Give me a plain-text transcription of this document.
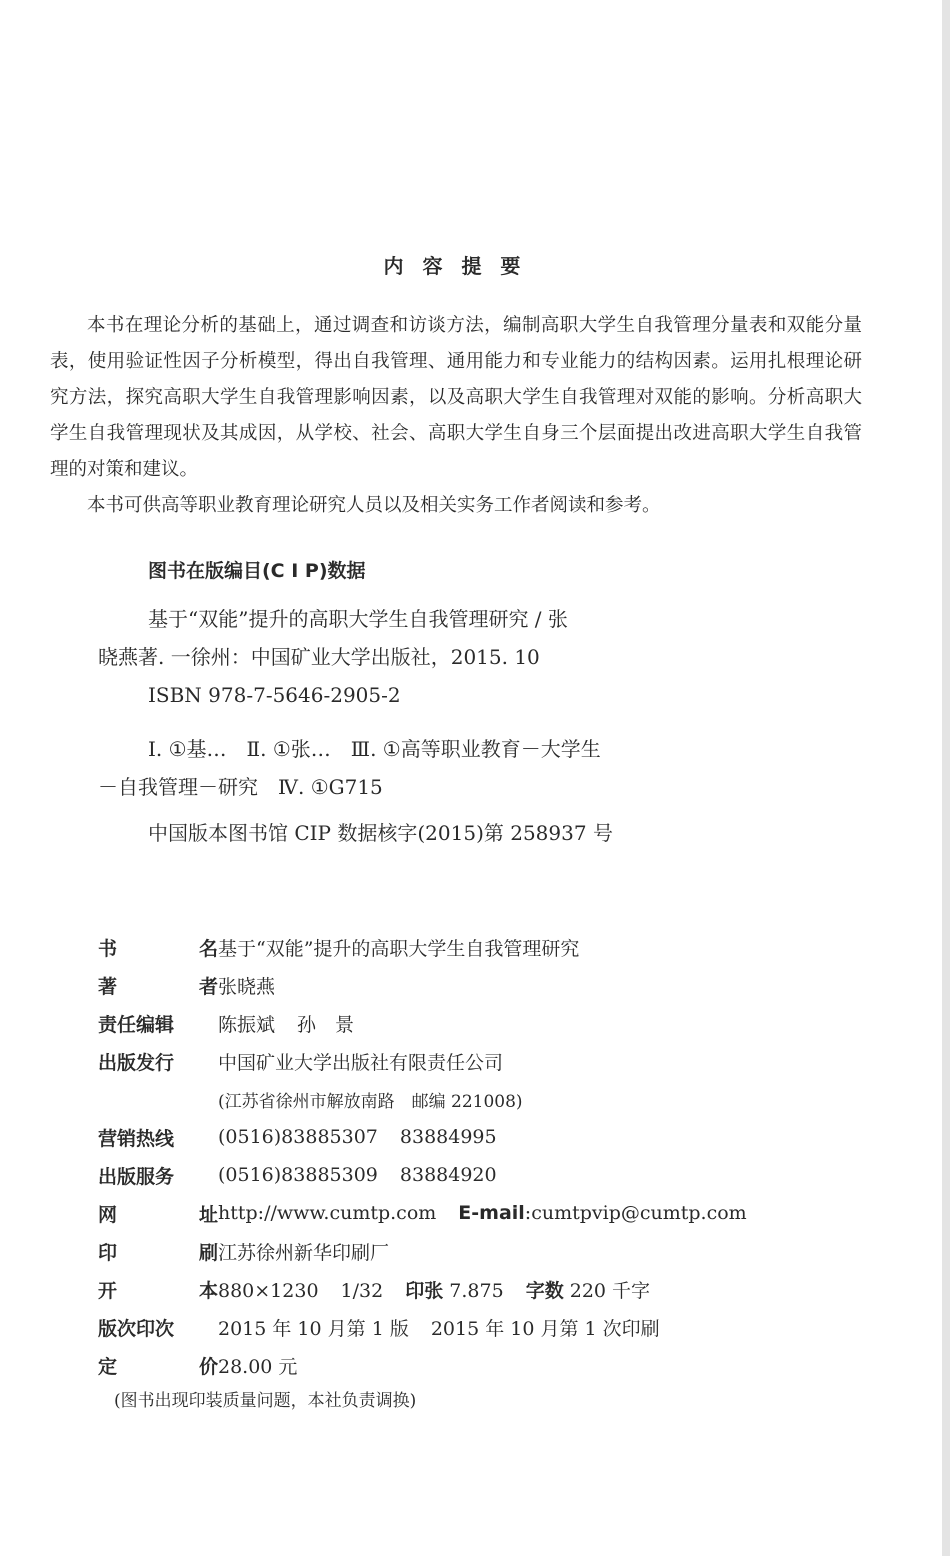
内 容 提 要

本书在理论分析的基础上，通过调查和访谈方法，编制高职大学生自我管理分量表和双能分量表，使用验证性因子分析模型，得出自我管理、通用能力和专业能力的结构因素。运用扎根理论研究方法，探究高职大学生自我管理影响因素，以及高职大学生自我管理对双能的影响。分析高职大学生自我管理现状及其成因，从学校、社会、高职大学生自身三个层面提出改进高职大学生自我管理的对策和建议。

本书可供高等职业教育理论研究人员以及相关实务工作者阅读和参考。

图书在版编目(C I P)数据

基于“双能”提升的高职大学生自我管理研究 / 张

晓燕著. 一徐州：中国矿业大学出版社，2015. 10

ISBN 978-7-5646-2905-2

Ⅰ. ①基…　Ⅱ. ①张…　Ⅲ. ①高等职业教育－大学生

－自我管理－研究　Ⅳ. ①G715

中国版本图书馆 CIP 数据核字(2015)第 258937 号

书	名 基于“双能”提升的高职大学生自我管理研究
著	者 张晓燕
责任编辑 陈振斌 孙　景
出版发行 中国矿业大学出版社有限责任公司
(江苏省徐州市解放南路　邮编 221008)
营销热线 (0516)83885307 83884995
出版服务 (0516)83885309 83884920
网	址 http://www.cumtp.com E-mail:cumtpvip@cumtp.com
印	刷 江苏徐州新华印刷厂
开	本 880×1230 1/32 印张 7.875 字数 220 千字
版次印次 2015 年 10 月第 1 版 2015 年 10 月第 1 次印刷
定	价 28.00 元
(图书出现印装质量问题，本社负责调换)
